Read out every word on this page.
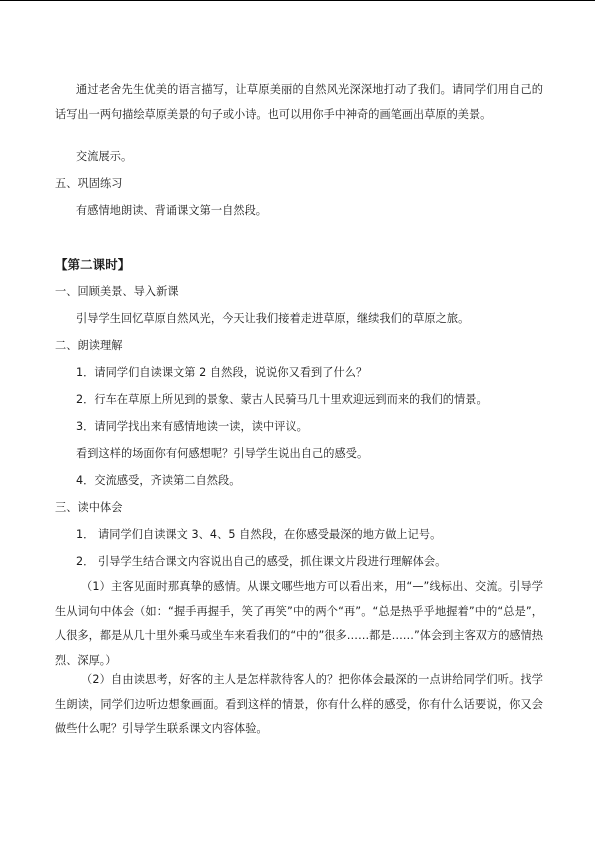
通过老舍先生优美的语言描写，让草原美丽的自然风光深深地打动了我们。请同学们用自己的话写出一两句描绘草原美景的句子或小诗。也可以用你手中神奇的画笔画出草原的美景。
交流展示。
五、巩固练习
有感情地朗读、背诵课文第一自然段。
【第二课时】
一、回顾美景、导入新课
引导学生回忆草原自然风光，今天让我们接着走进草原，继续我们的草原之旅。
二、朗读理解
1．请同学们自读课文第 2 自然段，说说你又看到了什么？
2．行车在草原上所见到的景象、蒙古人民骑马几十里欢迎远到而来的我们的情景。
3．请同学找出来有感情地读一读，读中评议。
看到这样的场面你有何感想呢？引导学生说出自己的感受。
4．交流感受，齐读第二自然段。
三、读中体会
1． 请同学们自读课文 3、4、5 自然段，在你感受最深的地方做上记号。
2． 引导学生结合课文内容说出自己的感受，抓住课文片段进行理解体会。
（1）主客见面时那真挚的感情。从课文哪些地方可以看出来，用“—”线标出、交流。引导学生从词句中体会（如：“握手再握手，笑了再笑”中的两个“再”。“总是热乎乎地握着”中的“总是”，人很多，都是从几十里外乘马或坐车来看我们的“中的”很多……都是……”体会到主客双方的感情热烈、深厚。）
（2）自由读思考，好客的主人是怎样款待客人的？把你体会最深的一点讲给同学们听。找学生朗读，同学们边听边想象画面。看到这样的情景，你有什么样的感受，你有什么话要说，你又会做些什么呢？引导学生联系课文内容体验。
